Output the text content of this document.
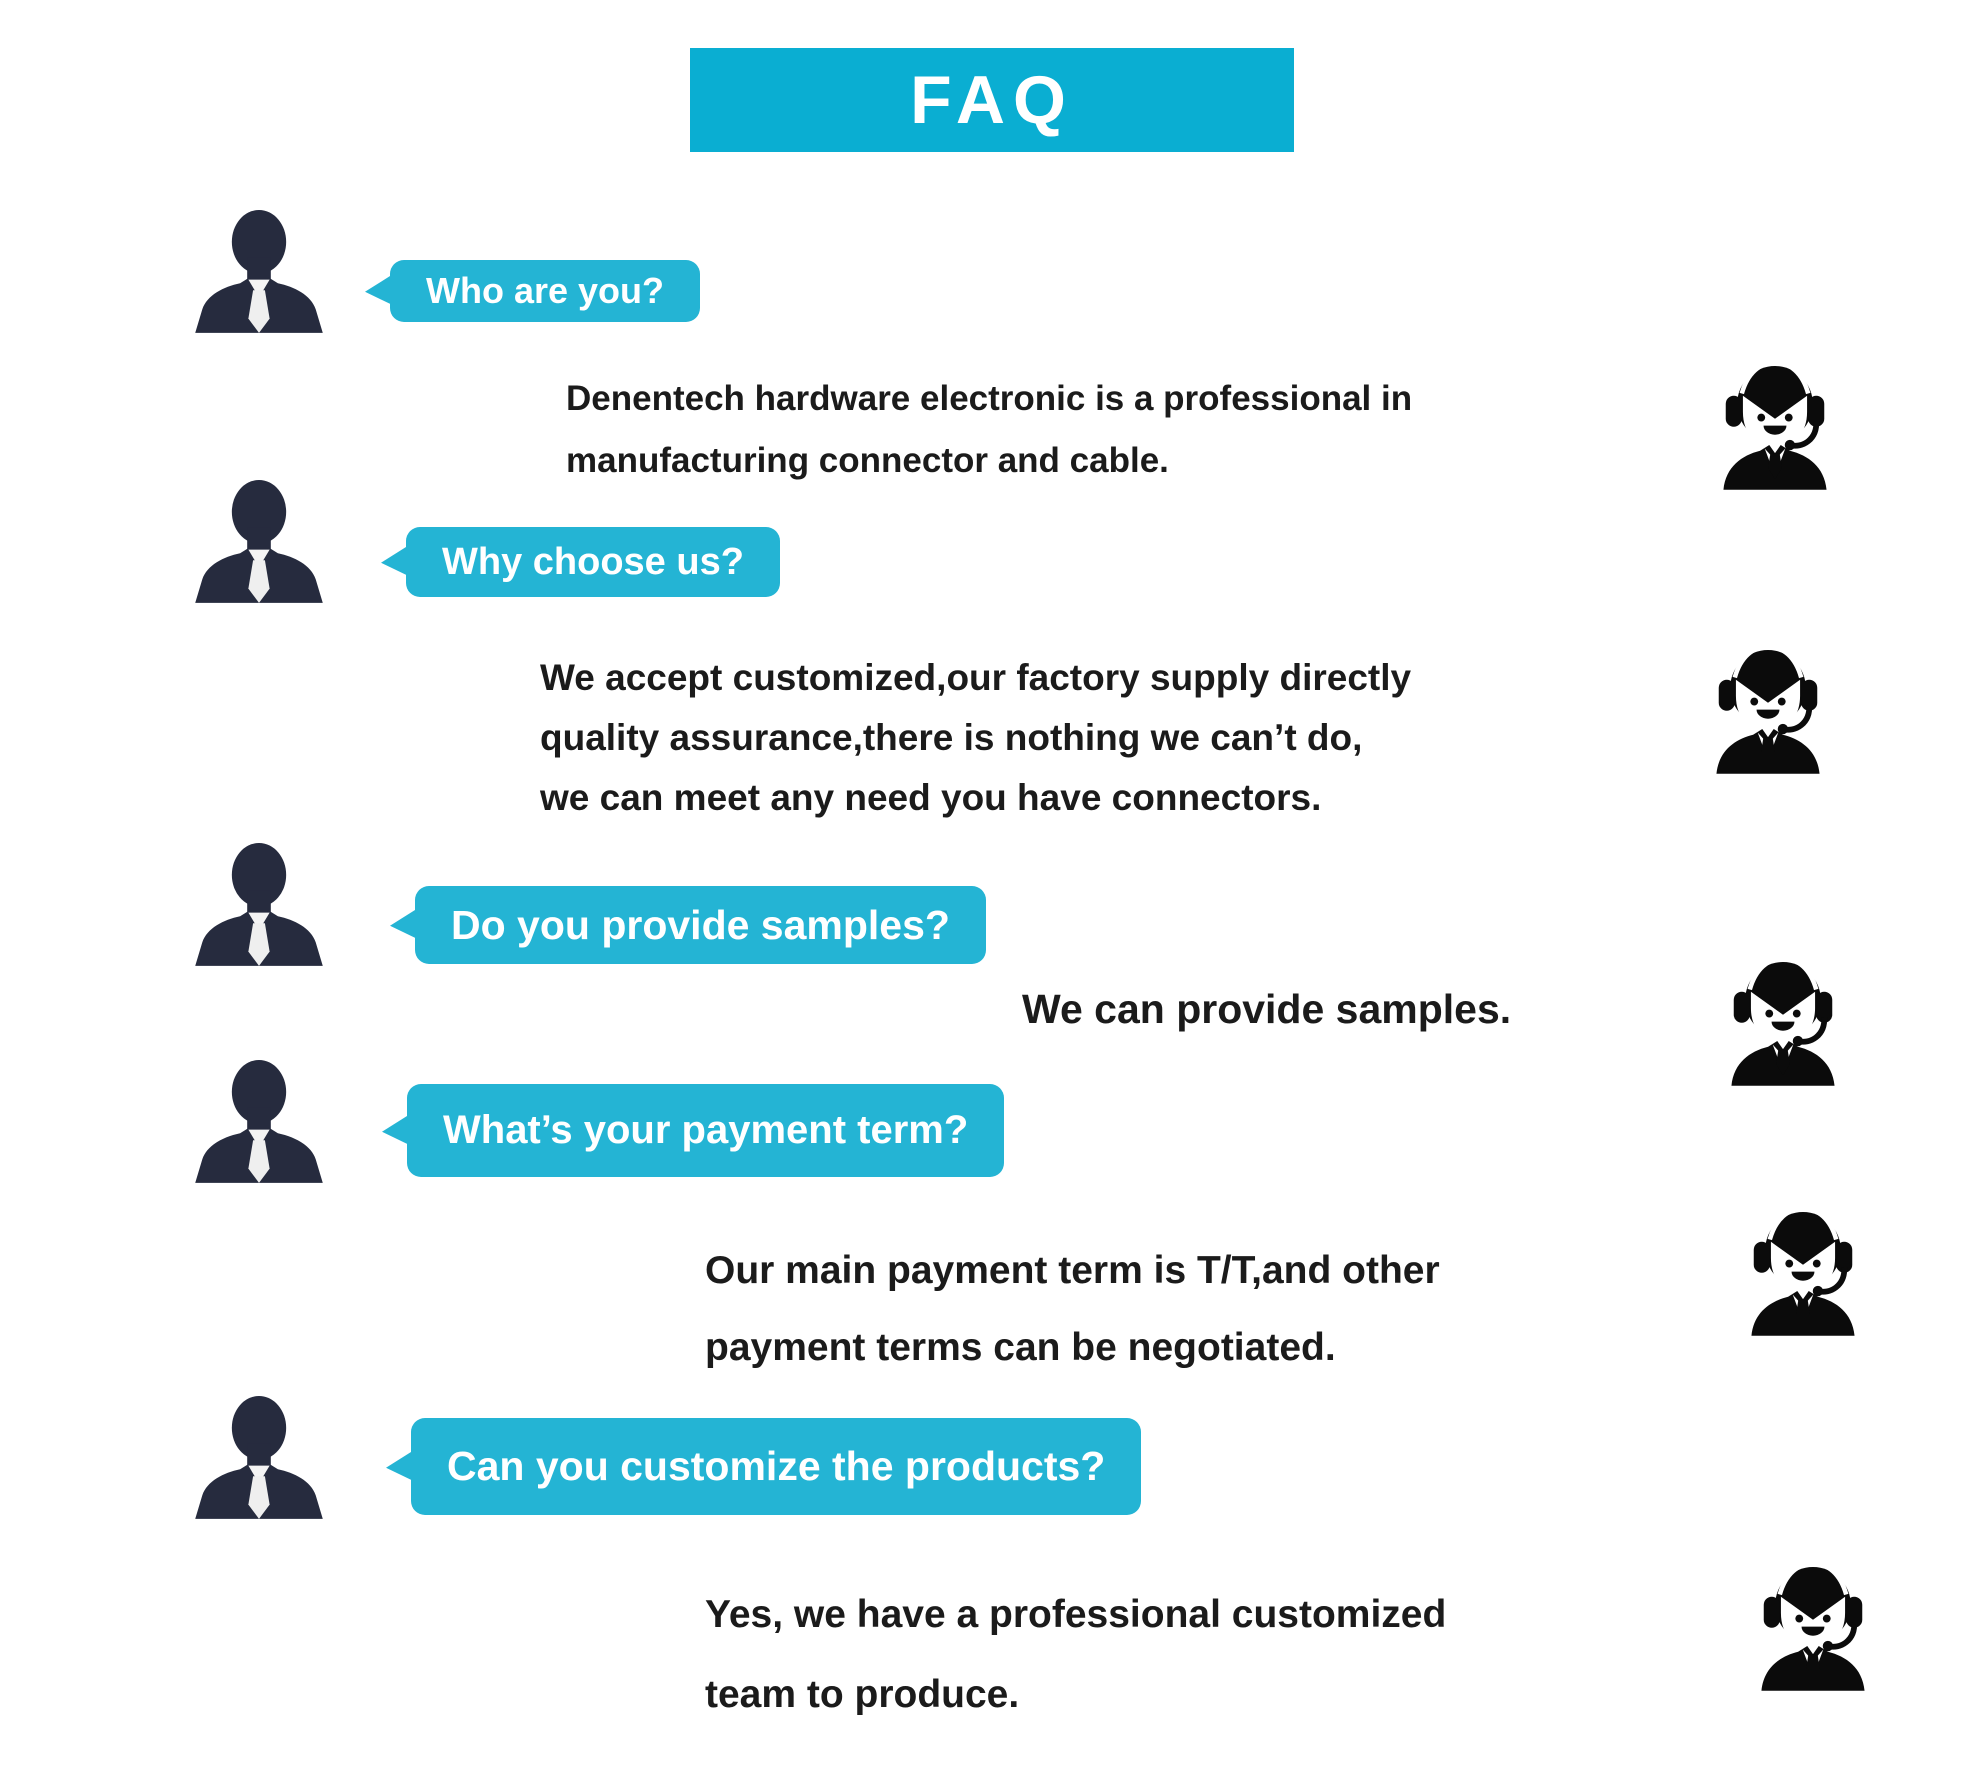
FAQ
Who are you?
Denentech hardware electronic is a professional in
manufacturing connector and cable.
Why choose us?
We accept customized,our factory supply directly
quality assurance,there is nothing we can’t do,
we can meet any need you have connectors.
Do you provide samples?
We can provide samples.
What’s your payment term?
Our main payment term is T/T,and other
payment terms can be negotiated.
Can you customize the products?
Yes, we have a professional customized
team to produce.
